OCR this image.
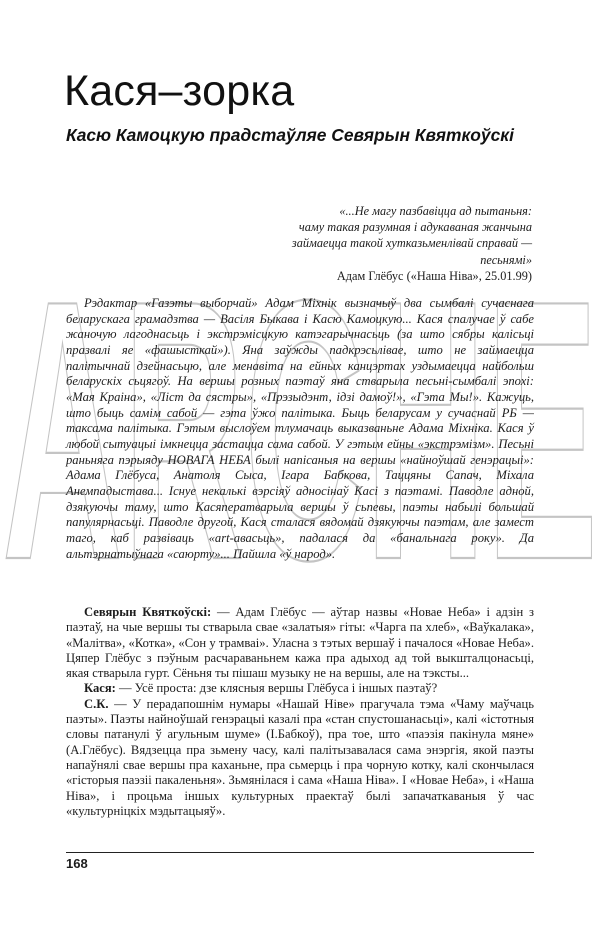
ARCHE
Кася–зорка
Касю Камоцкую прадстаўляе Севярын Квяткоўскі
«...Не магу пазбавіцца ад пытаньня:
чаму такая разумная і адукаваная жанчына
займаецца такой хутказьменлівай справай —
песьнямі»
Адам Глёбус («Наша Ніва», 25.01.99)
Рэдактар «Газэты выборчай» Адам Міхнік вызначыў два сымбалі сучаснага беларускага грамадзтва — Васіля Быкава і Касю Камоцкую... Кася спалучае ў сабе жаночую лагоднасьць і экстрэмісцкую катэгарычнасьць (за што сябры калісьці празвалі яе «фашысткай»). Яна заўжды падкрэсьлівае, што не займаецца палітычнай дзейнасьцю, але менавіта на ейных канцэртах уздымаецца найбольш беларускіх сьцягоў. На вершы розных паэтаў яна стварыла песьні-сымбалі эпохі: «Мая Краіна», «Ліст да сястры», «Прэзыдэнт, ідзі дамоў!», «Гэта Мы!». Кажуць, што быць самім сабой — гэта ўжо палітыка. Быць беларусам у сучаснай РБ — таксама палітыка. Гэтым выслоўем тлумачаць выказваньне Адама Міхніка. Кася ў любой сытуацыі імкнецца застацца сама сабой. У гэтым ейны «экстрэмізм». Песьні раньняга пэрыяду НОВАГА НЕБА былі напісаныя на вершы «найноўшай генэрацыі»: Адама Глёбуса, Анатоля Сыса, Ігара Бабкова, Таццяны Сапач, Міхала Анемпадыстава... Існуе некалькі вэрсіяў адносінаў Касі з паэтамі. Паводле адной, дзякуючы таму, што Касяператварыла вершы ў сьпевы, паэты набылі большай папулярнасьці. Паводле другой, Кася сталася вядомай дзякуючы паэтам, але замест таго, каб развіваць «art-авасьць», падалася да «банальнага року». Да альтэрнатыўнага «саюрту»... Пайшла «ў народ».

Севярын Квяткоўскі: — Адам Глёбус — аўтар назвы «Новае Неба» і адзін з паэтаў, на чые вершы ты стварыла свае «залатыя» гіты: «Чарга па хлеб», «Ваўкалака», «Малітва», «Котка», «Сон у трамваі». Уласна з тэтых вершаў і пачалося «Новае Неба». Цяпер Глёбус з пэўным расчараваньнем кажа пра адыход ад той выкшталцонасьці, якая стварыла гурт. Сёньня ты пішаш музыку не на вершы, але на тэксты...

Кася: — Усё проста: дзе клясныя вершы Глёбуса і іншых паэтаў?

С.К. — У перадапошнім нумары «Нашай Ніве» прагучала тэма «Чаму маўчаць паэты». Паэты найноўшай генэрацыі казалі пра «стан спустошанасьці», калі «істотныя словы патанулі ў агульным шуме» (І.Бабкоў), пра тое, што «паэзія пакінула мяне» (А.Глёбус). Вядзецца пра зьмену часу, калі палітызавалася сама энэргія, якой паэты напаўнялі свае вершы пра каханьне, пра сьмерць і пра чорную котку, калі скончылася «гісторыя паэзіі пакаленьня». Зьмянілася і сама «Наша Ніва». І «Новае Неба», і «Наша Ніва», і процьма іншых культурных праектаў былі запачаткаваныя ў час «культурніцкіх мэдытацыяў».

168
